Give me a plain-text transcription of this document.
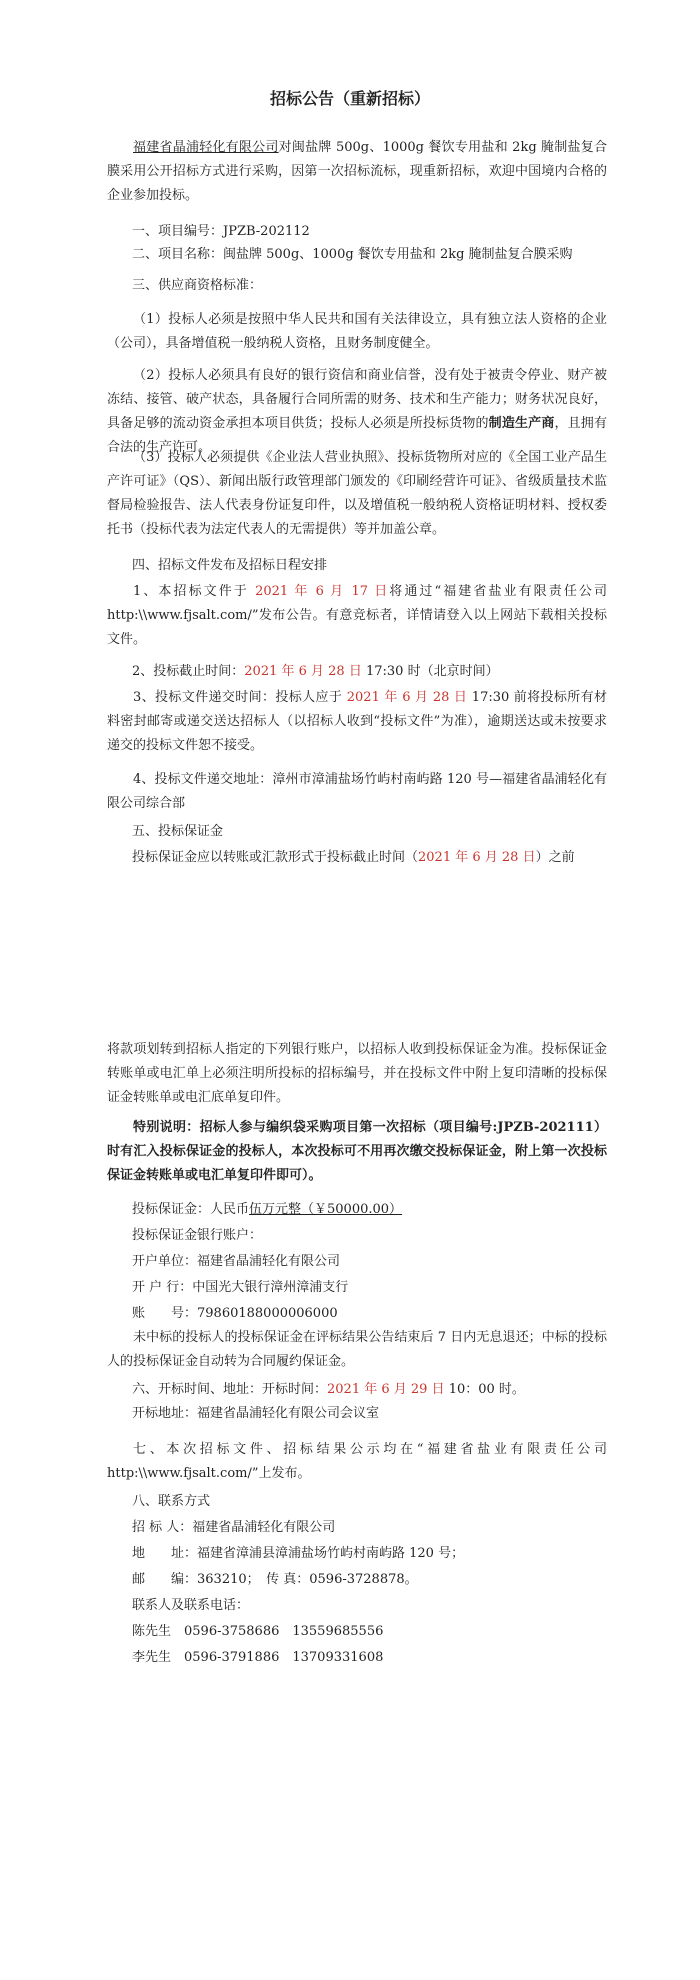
招标公告（重新招标）
福建省晶浦轻化有限公司对闽盐牌 500g、1000g 餐饮专用盐和 2kg 腌制盐复合膜采用公开招标方式进行采购，因第一次招标流标，现重新招标，欢迎中国境内合格的企业参加投标。
一、项目编号：JPZB-202112
二、项目名称：闽盐牌 500g、1000g 餐饮专用盐和 2kg 腌制盐复合膜采购
三、供应商资格标准：
（1）投标人必须是按照中华人民共和国有关法律设立，具有独立法人资格的企业（公司），具备增值税一般纳税人资格，且财务制度健全。
（2）投标人必须具有良好的银行资信和商业信誉，没有处于被责令停业、财产被冻结、接管、破产状态，具备履行合同所需的财务、技术和生产能力；财务状况良好，具备足够的流动资金承担本项目供货；投标人必须是所投标货物的制造生产商，且拥有合法的生产许可。
（3）投标人必须提供《企业法人营业执照》、投标货物所对应的《全国工业产品生产许可证》（QS）、新闻出版行政管理部门颁发的《印刷经营许可证》、省级质量技术监督局检验报告、法人代表身份证复印件，以及增值税一般纳税人资格证明材料、授权委托书（投标代表为法定代表人的无需提供）等并加盖公章。
四、招标文件发布及招标日程安排
1、本招标文件于 2021 年 6 月 17 日将通过“福建省盐业有限责任公司 http:\\www.fjsalt.com/”发布公告。有意竞标者，详情请登入以上网站下载相关投标文件。
2、投标截止时间：2021 年 6 月 28 日 17:30 时（北京时间）
3、投标文件递交时间：投标人应于 2021 年 6 月 28 日 17:30 前将投标所有材料密封邮寄或递交送达招标人（以招标人收到“投标文件”为准），逾期送达或未按要求递交的投标文件恕不接受。
4、投标文件递交地址：漳州市漳浦盐场竹屿村南屿路 120 号—福建省晶浦轻化有限公司综合部
五、投标保证金
投标保证金应以转账或汇款形式于投标截止时间（2021 年 6 月 28 日）之前
将款项划转到招标人指定的下列银行账户，以招标人收到投标保证金为准。投标保证金转账单或电汇单上必须注明所投标的招标编号，并在投标文件中附上复印清晰的投标保证金转账单或电汇底单复印件。
特别说明：招标人参与编织袋采购项目第一次招标（项目编号:JPZB-202111）时有汇入投标保证金的投标人，本次投标可不用再次缴交投标保证金，附上第一次投标保证金转账单或电汇单复印件即可）。
投标保证金：人民币伍万元整（￥50000.00）
投标保证金银行账户：
开户单位：福建省晶浦轻化有限公司
开 户 行：中国光大银行漳州漳浦支行
账　　号：79860188000006000
未中标的投标人的投标保证金在评标结果公告结束后 7 日内无息退还；中标的投标人的投标保证金自动转为合同履约保证金。
六、开标时间、地址：开标时间：2021 年 6 月 29 日 10：00 时。
开标地址：福建省晶浦轻化有限公司会议室
七、本次招标文件、招标结果公示均在“福建省盐业有限责任公司 http:\\www.fjsalt.com/”上发布。
八、联系方式
招 标 人：福建省晶浦轻化有限公司
地　　址：福建省漳浦县漳浦盐场竹屿村南屿路 120 号；
邮　　编：363210；　传 真：0596-3728878。
联系人及联系电话：
陈先生　0596-3758686　13559685556
李先生　0596-3791886　13709331608
